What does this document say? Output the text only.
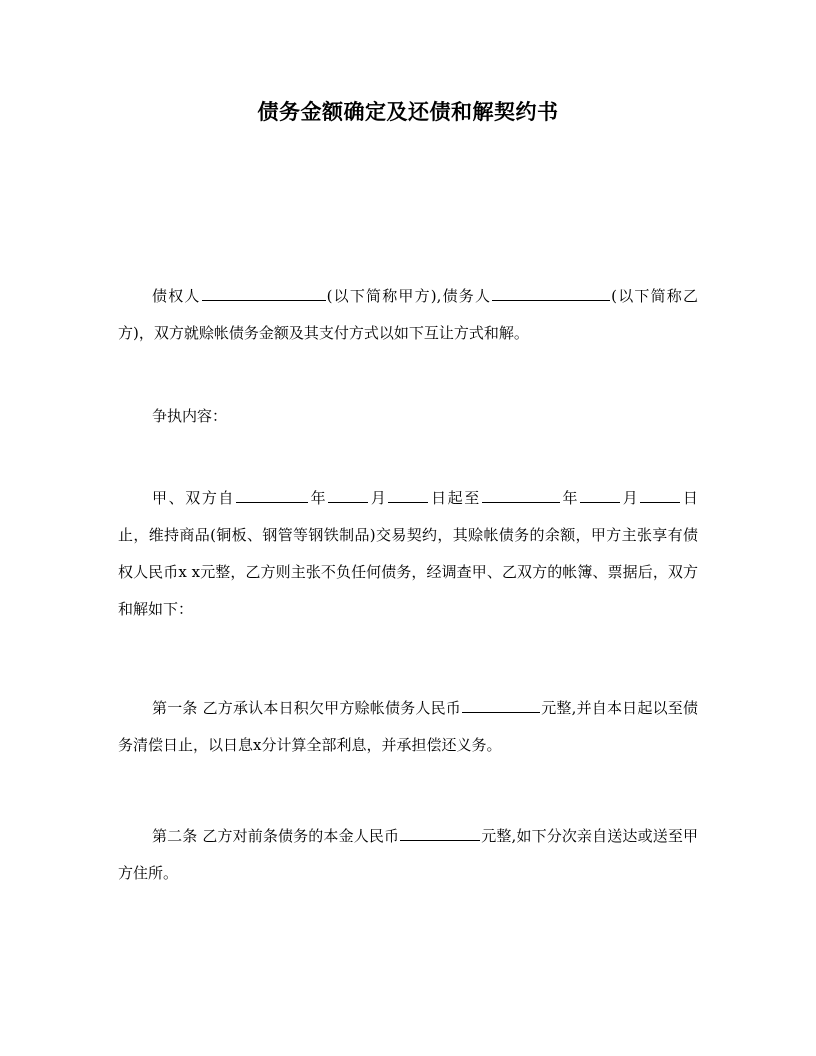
债务金额确定及还债和解契约书
债权人	(以下简称甲方),债务人	(以下简称乙方)，双方就赊帐债务金额及其支付方式以如下互让方式和解。
争执内容：
甲、双方自	年	月	日起至	年	月	日止，维持商品(铜板、钢管等钢铁制品)交易契约，其赊帐债务的余额，甲方主张享有债权人民币x x元整，乙方则主张不负任何债务，经调查甲、乙双方的帐簿、票据后，双方和解如下：
第一条 乙方承认本日积欠甲方赊帐债务人民币	元整,并自本日起以至债务清偿日止，以日息x分计算全部利息，并承担偿还义务。
第二条 乙方对前条债务的本金人民币	元整,如下分次亲自送达或送至甲方住所。
